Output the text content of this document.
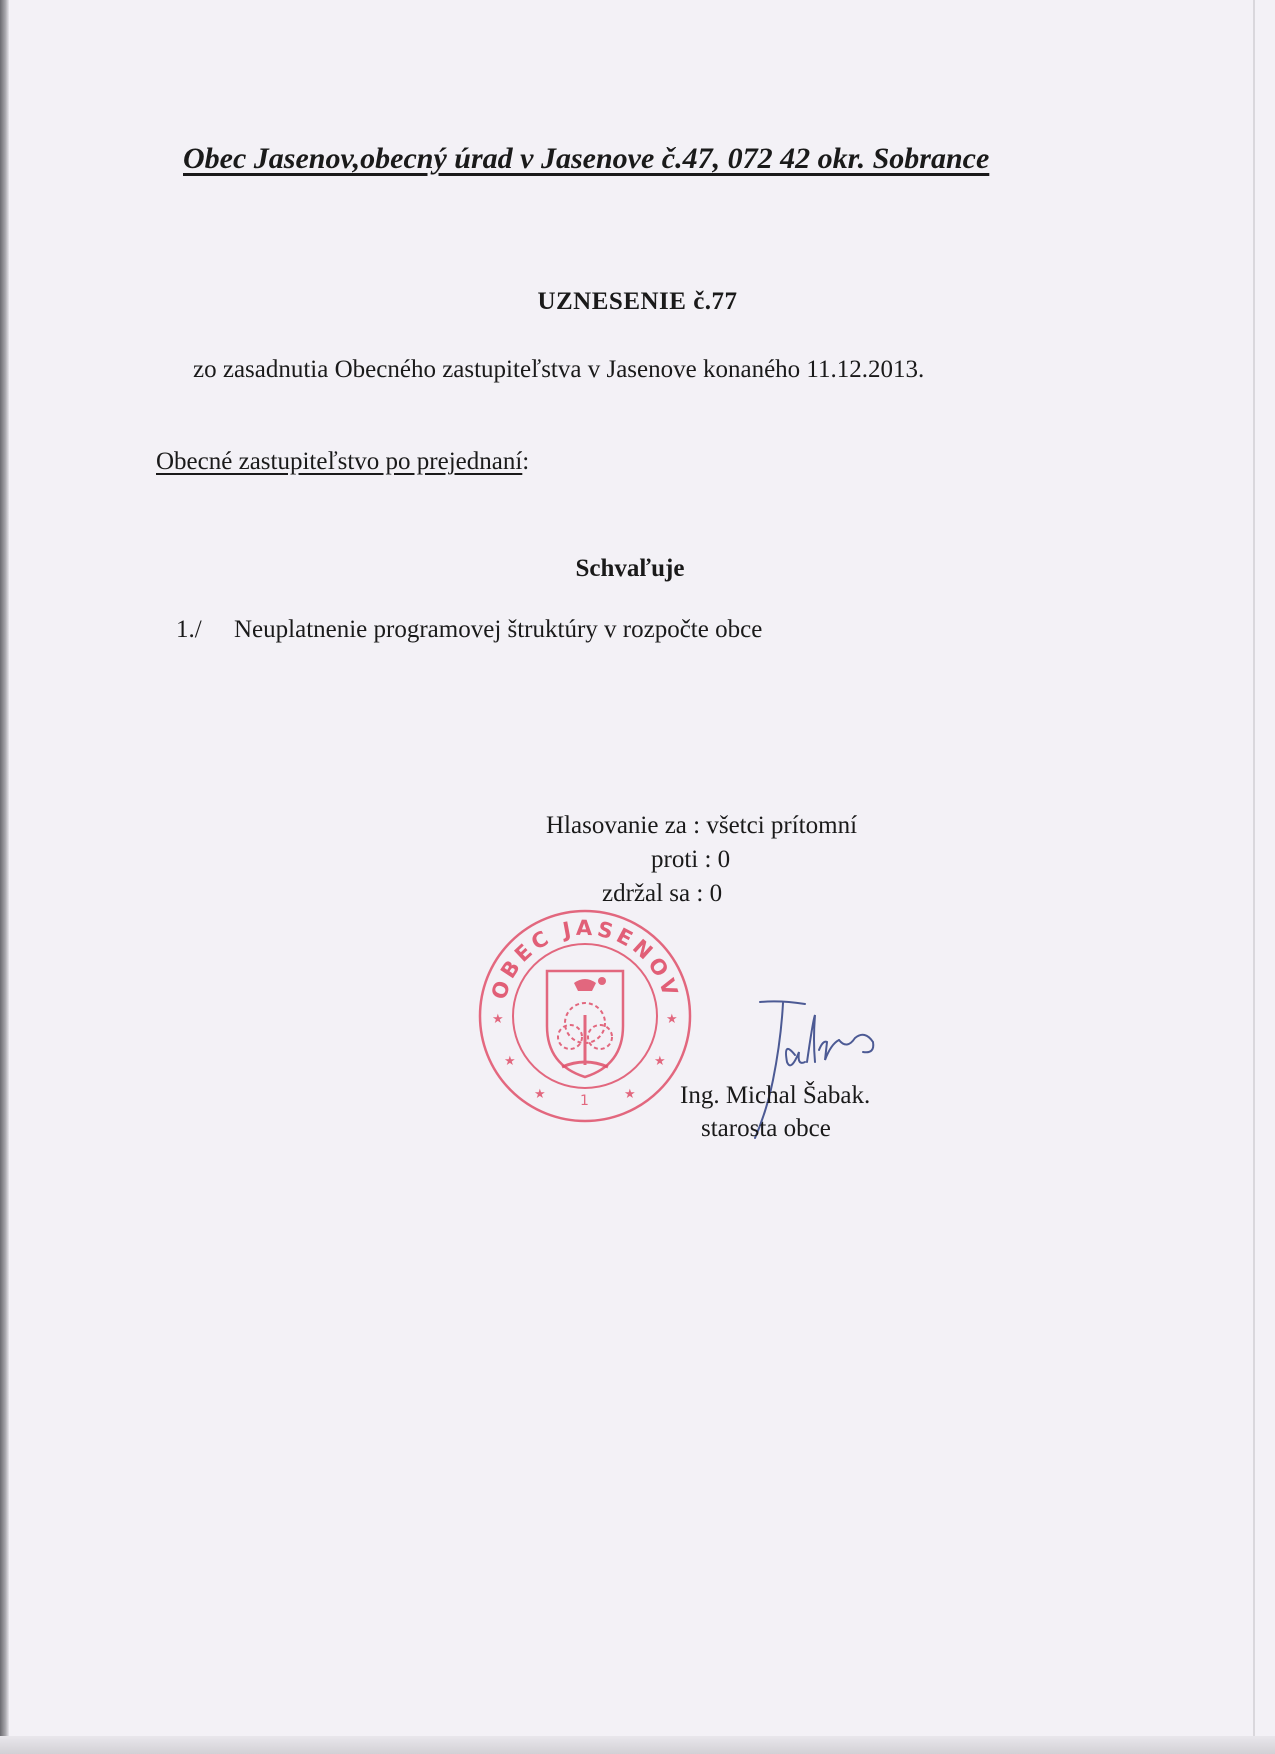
Obec Jasenov,obecný úrad v Jasenove č.47, 072 42 okr. Sobrance
UZNESENIE č.77
zo zasadnutia Obecného zastupiteľstva v Jasenove konaného 11.12.2013.
Obecné zastupiteľstvo po prejednaní:
Schvaľuje
1./ Neuplatnenie programovej štruktúry v rozpočte obce
Hlasovanie za : všetci prítomní
proti : 0
zdržal sa : 0
OBEC JASENOV
★	★
★	★
★	★
1	Ing. Michal Šabak.
starosta obce
